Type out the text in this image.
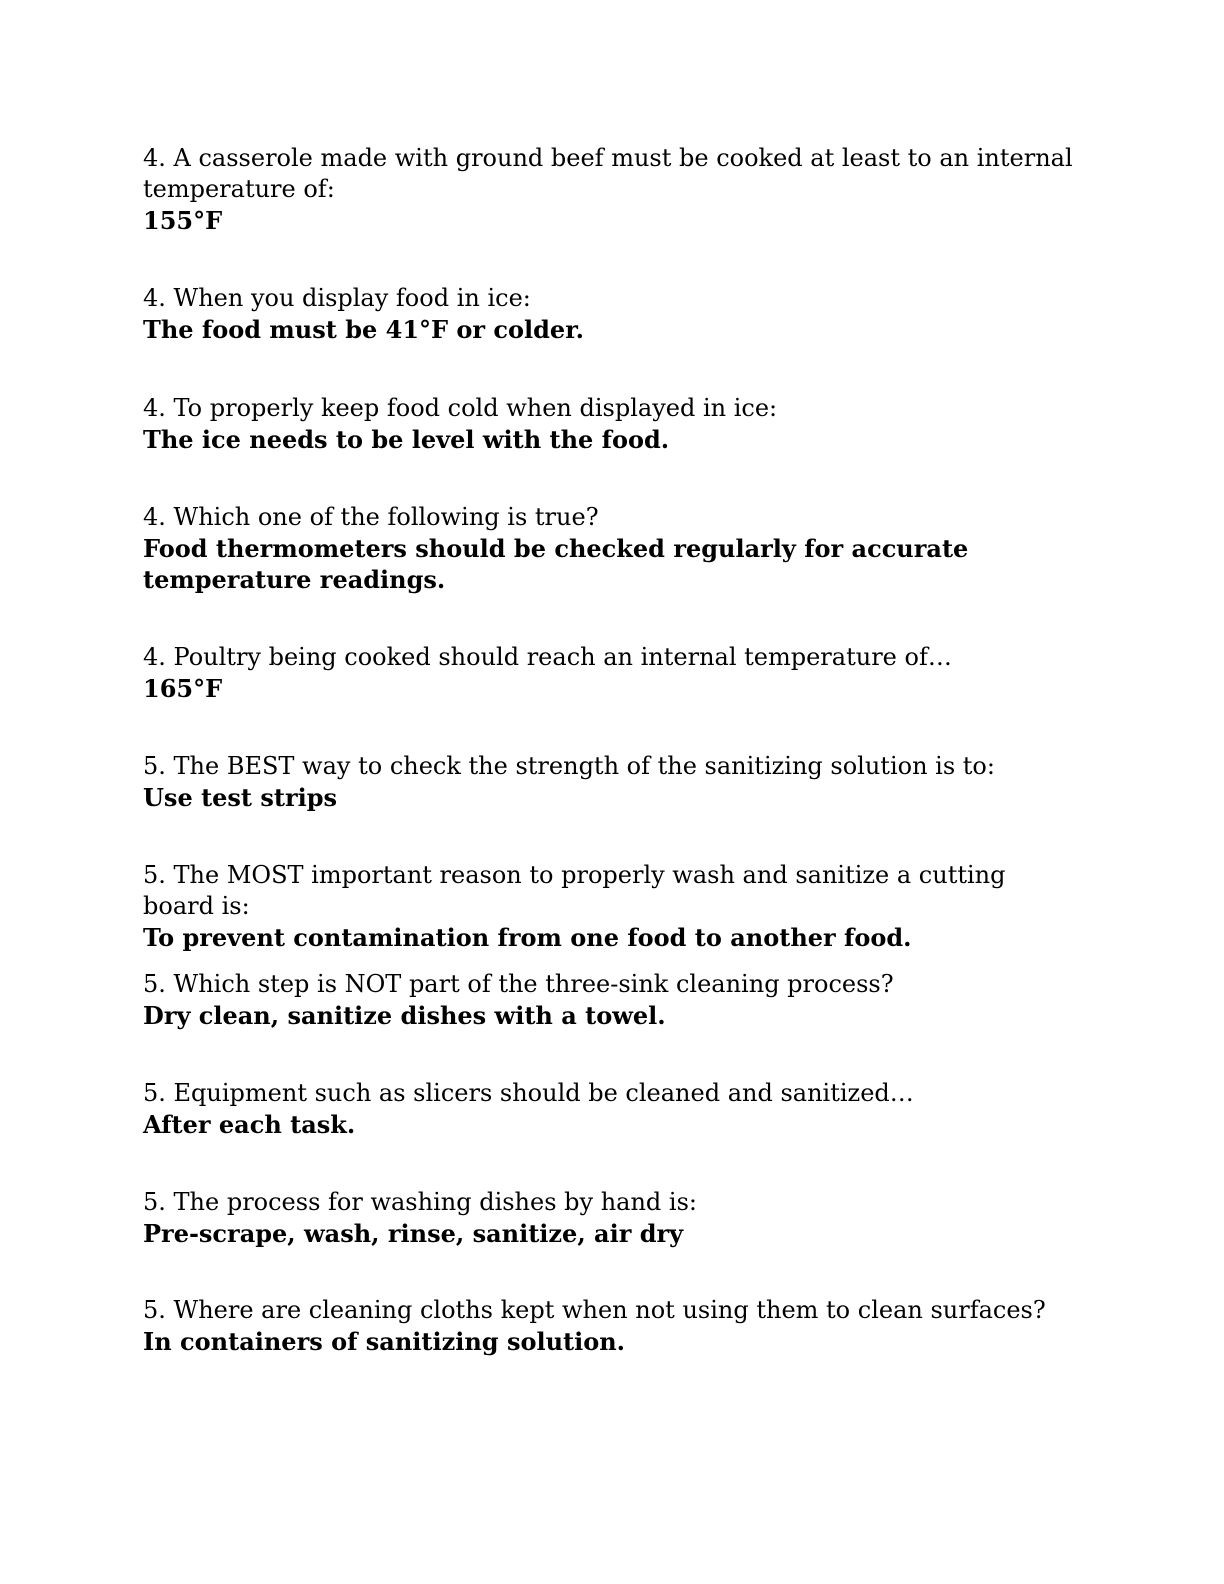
4. A casserole made with ground beef must be cooked at least to an internal temperature of:

155°F

4. When you display food in ice:

The food must be 41°F or colder.

4. To properly keep food cold when displayed in ice:

The ice needs to be level with the food.

4. Which one of the following is true?

Food thermometers should be checked regularly for accurate temperature readings.

4. Poultry being cooked should reach an internal temperature of…

165°F

5. The BEST way to check the strength of the sanitizing solution is to:

Use test strips

5. The MOST important reason to properly wash and sanitize a cutting board is:

To prevent contamination from one food to another food.

5. Which step is NOT part of the three-sink cleaning process?

Dry clean, sanitize dishes with a towel.

5. Equipment such as slicers should be cleaned and sanitized…

After each task.

5. The process for washing dishes by hand is:

Pre-scrape, wash, rinse, sanitize, air dry

5. Where are cleaning cloths kept when not using them to clean surfaces?

In containers of sanitizing solution.
